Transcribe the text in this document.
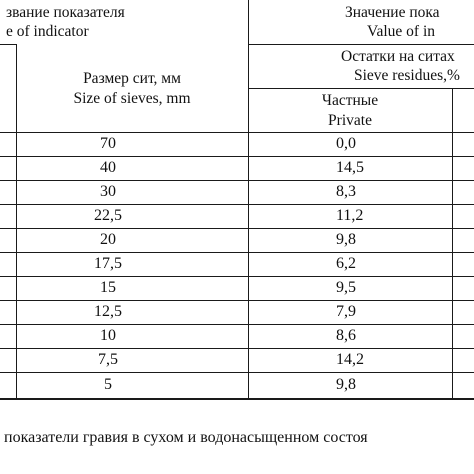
звание показателя
e of indicator
Значение пока
Value of in
Размер сит, мм
Size of sieves, mm
Остатки на ситах
Sieve residues,%
Частные
Private
70	0,0
40	14,5
30	8,3
22,5	11,2
20	9,8
17,5	6,2
15	9,5
12,5	7,9
10	8,6
7,5	14,2
5	9,8
показатели гравия в сухом и водонасыщенном состоя
